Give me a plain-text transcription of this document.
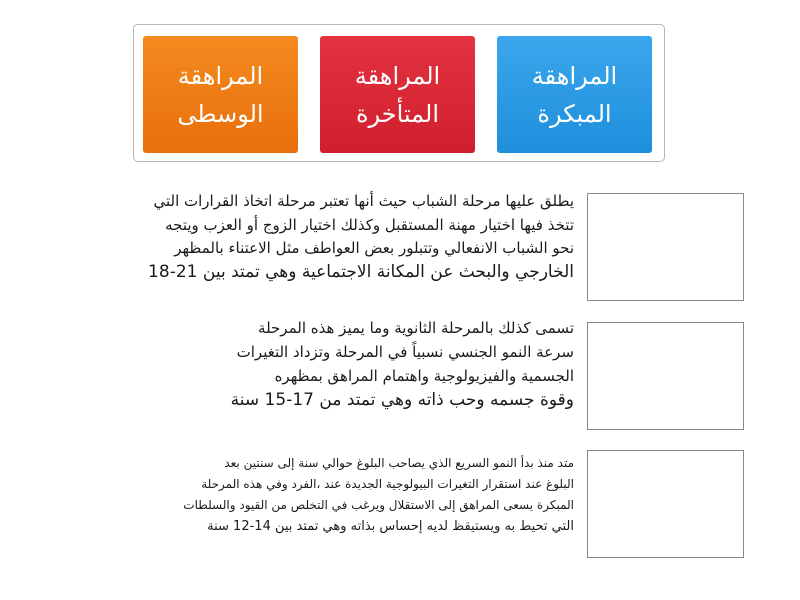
المراهقة
الوسطى
المراهقة
المتأخرة
المراهقة
المبكرة

يطلق عليها مرحلة الشباب حيث أنها تعتبر مرحلة اتخاذ القرارات التي
تتخذ فيها اختيار مهنة المستقبل وكذلك اختيار الزوج أو العزب ويتجه
نحو الشباب الانفعالي وتتبلور بعض العواطف مثل الاعتناء بالمظهر
الخارجي والبحث عن المكانة الاجتماعية وهي تمتد بين 21-18

تسمى كذلك بالمرحلة الثانوية وما يميز هذه المرحلة
سرعة النمو الجنسي نسبياً في المرحلة وتزداد التغيرات
الجسمية والفيزيولوجية واهتمام المراهق بمظهره
وقوة جسمه وحب ذاته وهي تمتد من 17-15 سنة

متد منذ بدأ النمو السريع الذي يصاحب البلوغ حوالي سنة إلى سنتين بعد
البلوغ عند استقرار التغيرات البيولوجية الجديدة عند ،الفرد وفي هذه المرحلة
المبكرة يسعى المراهق إلى الاستقلال ويرغب في التخلص من القيود والسلطات
التي تحيط به ويستيقظ لديه إحساس بذاته وهي تمتد بين 14-12 سنة
